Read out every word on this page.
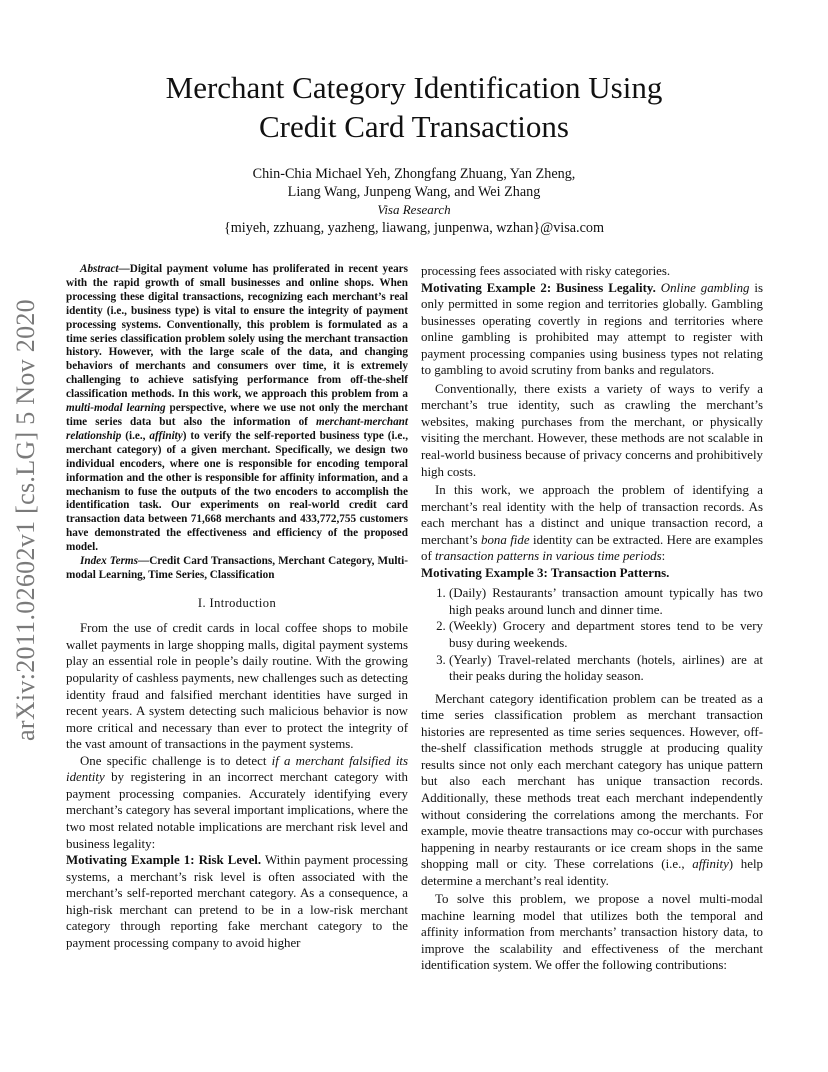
arXiv:2011.02602v1 [cs.LG] 5 Nov 2020
Merchant Category Identification Using
Credit Card Transactions
Chin-Chia Michael Yeh, Zhongfang Zhuang, Yan Zheng,
Liang Wang, Junpeng Wang, and Wei Zhang
Visa Research
{miyeh, zzhuang, yazheng, liawang, junpenwa, wzhan}@visa.com

Abstract—Digital payment volume has proliferated in recent years with the rapid growth of small businesses and online shops. When processing these digital transactions, recognizing each merchant’s real identity (i.e., business type) is vital to ensure the integrity of payment processing systems. Conventionally, this problem is formulated as a time series classification problem solely using the merchant transaction history. However, with the large scale of the data, and changing behaviors of merchants and consumers over time, it is extremely challenging to achieve satisfying performance from off-the-shelf classification methods. In this work, we approach this problem from a multi-modal learning perspective, where we use not only the merchant time series data but also the information of merchant-merchant relationship (i.e., affinity) to verify the self-reported business type (i.e., merchant category) of a given merchant. Specifically, we design two individual encoders, where one is responsible for encoding temporal information and the other is responsible for affinity information, and a mechanism to fuse the outputs of the two encoders to accomplish the identification task. Our experiments on real-world credit card transaction data between 71,668 merchants and 433,772,755 customers have demonstrated the effectiveness and efficiency of the proposed model.

Index Terms—Credit Card Transactions, Merchant Category, Multi-modal Learning, Time Series, Classification

I. Introduction

From the use of credit cards in local coffee shops to mobile wallet payments in large shopping malls, digital payment systems play an essential role in people’s daily routine. With the growing popularity of cashless payments, new challenges such as detecting identity fraud and falsified merchant identities have surged in recent years. A system detecting such malicious behavior is now more critical and necessary than ever to protect the integrity of the vast amount of transactions in the payment systems.

One specific challenge is to detect if a merchant falsified its identity by registering in an incorrect merchant category with payment processing companies. Accurately identifying every merchant’s category has several important implications, where the two most related notable implications are merchant risk level and business legality:

Motivating Example 1: Risk Level. Within payment processing systems, a merchant’s risk level is often associated with the merchant’s self-reported merchant category. As a consequence, a high-risk merchant can pretend to be in a low-risk merchant category through reporting fake merchant category to the payment processing company to avoid higher

processing fees associated with risky categories.

Motivating Example 2: Business Legality. Online gambling is only permitted in some region and territories globally. Gambling businesses operating covertly in regions and territories where online gambling is prohibited may attempt to register with payment processing companies using business types not relating to gambling to avoid scrutiny from banks and regulators.

Conventionally, there exists a variety of ways to verify a merchant’s true identity, such as crawling the merchant’s websites, making purchases from the merchant, or physically visiting the merchant. However, these methods are not scalable in real-world business because of privacy concerns and prohibitively high costs.

In this work, we approach the problem of identifying a merchant’s real identity with the help of transaction records. As each merchant has a distinct and unique transaction record, a merchant’s bona fide identity can be extracted. Here are examples of transaction patterns in various time periods:

Motivating Example 3: Transaction Patterns.

1. (Daily) Restaurants’ transaction amount typically has two high peaks around lunch and dinner time.
2. (Weekly) Grocery and department stores tend to be very busy during weekends.
3. (Yearly) Travel-related merchants (hotels, airlines) are at their peaks during the holiday season.

Merchant category identification problem can be treated as a time series classification problem as merchant transaction histories are represented as time series sequences. However, off-the-shelf classification methods struggle at producing quality results since not only each merchant category has unique pattern but also each merchant has unique transaction records. Additionally, these methods treat each merchant independently without considering the correlations among the merchants. For example, movie theatre transactions may co-occur with purchases happening in nearby restaurants or ice cream shops in the same shopping mall or city. These correlations (i.e., affinity) help determine a merchant’s real identity.

To solve this problem, we propose a novel multi-modal machine learning model that utilizes both the temporal and affinity information from merchants’ transaction history data, to improve the scalability and effectiveness of the merchant identification system. We offer the following contributions:
